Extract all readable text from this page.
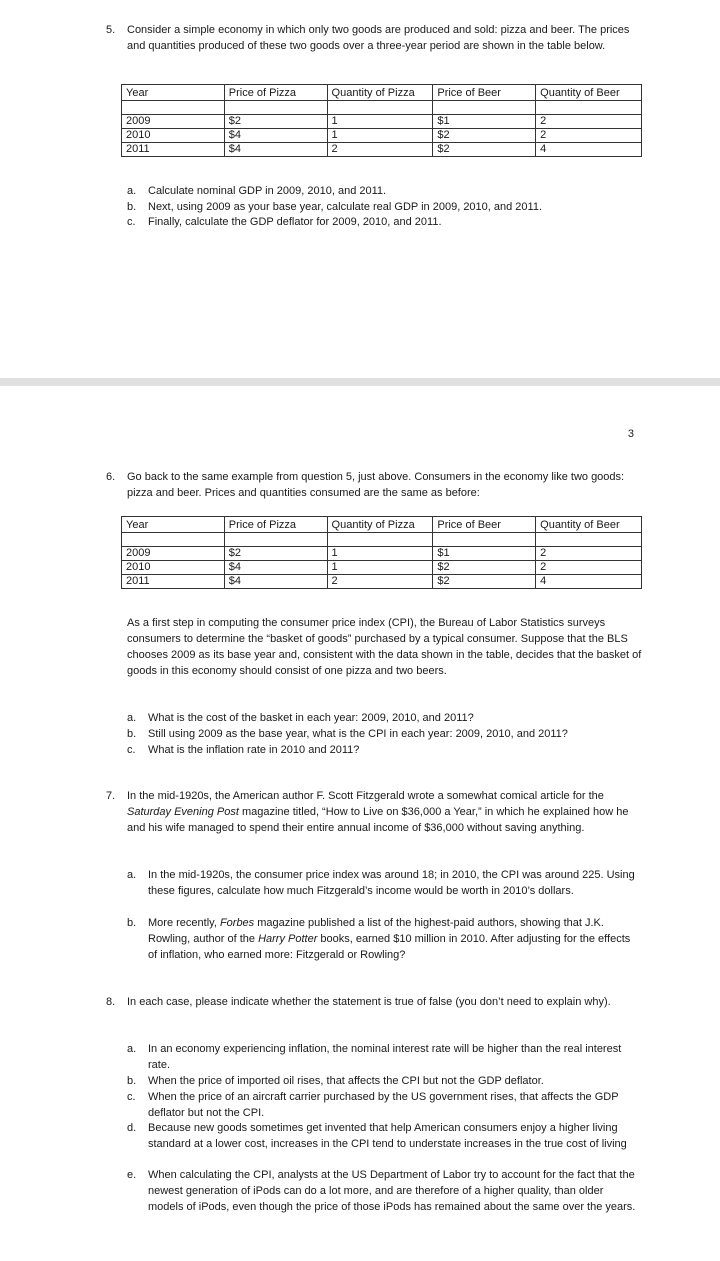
5. Consider a simple economy in which only two goods are produced and sold: pizza and beer. The prices and quantities produced of these two goods over a three-year period are shown in the table below.
Year	Price of Pizza	Quantity of Pizza	Price of Beer	Quantity of Beer

2009	$2	1	$1	2
2010	$4	1	$2	2
2011	$4	2	$2	4
a. Calculate nominal GDP in 2009, 2010, and 2011.
b. Next, using 2009 as your base year, calculate real GDP in 2009, 2010, and 2011.
c. Finally, calculate the GDP deflator for 2009, 2010, and 2011.
3
6. Go back to the same example from question 5, just above. Consumers in the economy like two goods: pizza and beer. Prices and quantities consumed are the same as before:
Year	Price of Pizza	Quantity of Pizza	Price of Beer	Quantity of Beer

2009	$2	1	$1	2
2010	$4	1	$2	2
2011	$4	2	$2	4
As a first step in computing the consumer price index (CPI), the Bureau of Labor Statistics surveys consumers to determine the “basket of goods” purchased by a typical consumer. Suppose that the BLS chooses 2009 as its base year and, consistent with the data shown in the table, decides that the basket of goods in this economy should consist of one pizza and two beers.
a. What is the cost of the basket in each year: 2009, 2010, and 2011?
b. Still using 2009 as the base year, what is the CPI in each year: 2009, 2010, and 2011?
c. What is the inflation rate in 2010 and 2011?
7. In the mid-1920s, the American author F. Scott Fitzgerald wrote a somewhat comical article for the Saturday Evening Post magazine titled, “How to Live on $36,000 a Year,” in which he explained how he and his wife managed to spend their entire annual income of $36,000 without saving anything.
a. In the mid-1920s, the consumer price index was around 18; in 2010, the CPI was around 225. Using these figures, calculate how much Fitzgerald’s income would be worth in 2010’s dollars.
b. More recently, Forbes magazine published a list of the highest-paid authors, showing that J.K. Rowling, author of the Harry Potter books, earned $10 million in 2010. After adjusting for the effects of inflation, who earned more: Fitzgerald or Rowling?
8. In each case, please indicate whether the statement is true of false (you don’t need to explain why).
a. In an economy experiencing inflation, the nominal interest rate will be higher than the real interest rate.
b. When the price of imported oil rises, that affects the CPI but not the GDP deflator.
c. When the price of an aircraft carrier purchased by the US government rises, that affects the GDP deflator but not the CPI.
d. Because new goods sometimes get invented that help American consumers enjoy a higher living standard at a lower cost, increases in the CPI tend to understate increases in the true cost of living
e. When calculating the CPI, analysts at the US Department of Labor try to account for the fact that the newest generation of iPods can do a lot more, and are therefore of a higher quality, than older models of iPods, even though the price of those iPods has remained about the same over the years.
